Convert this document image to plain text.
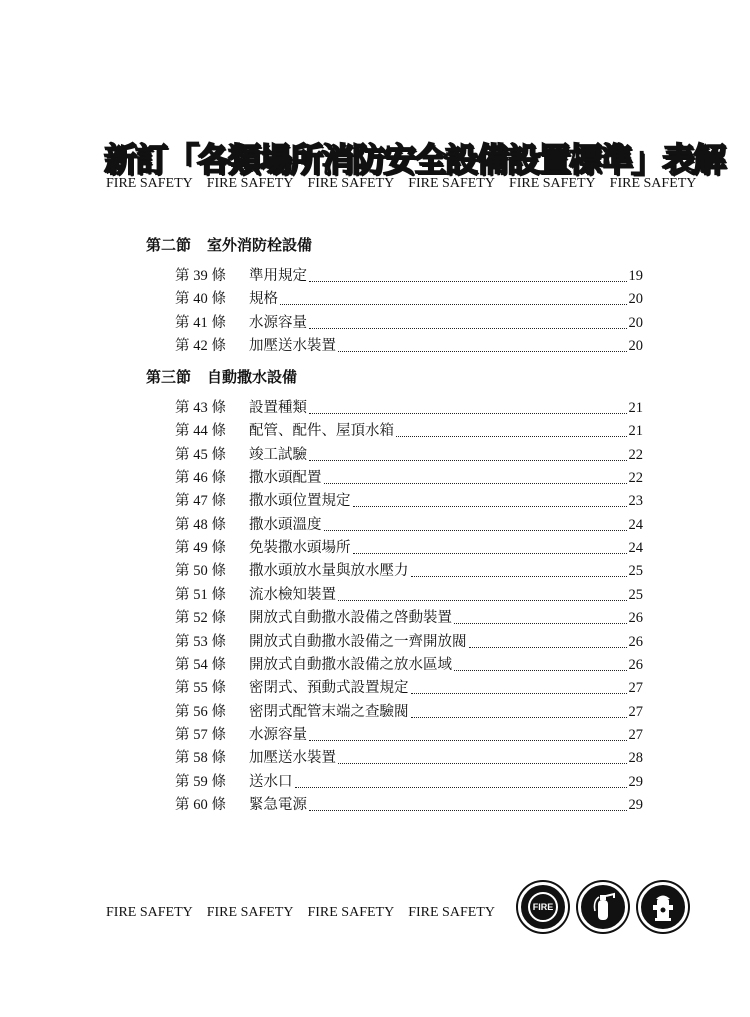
新訂「各類場所消防安全設備設置標準」表解
FIRE SAFETY FIRE SAFETY FIRE SAFETY FIRE SAFETY FIRE SAFETY FIRE SAFETY
第二節 室外消防栓設備
第 39 條	準用規定	19
第 40 條	規格	20
第 41 條	水源容量	20
第 42 條	加壓送水裝置	20
第三節 自動撒水設備
第 43 條	設置種類	21
第 44 條	配管、配件、屋頂水箱	21
第 45 條	竣工試驗	22
第 46 條	撒水頭配置	22
第 47 條	撒水頭位置規定	23
第 48 條	撒水頭溫度	24
第 49 條	免裝撒水頭場所	24
第 50 條	撒水頭放水量與放水壓力	25
第 51 條	流水檢知裝置	25
第 52 條	開放式自動撒水設備之啓動裝置	26
第 53 條	開放式自動撒水設備之一齊開放閥	26
第 54 條	開放式自動撒水設備之放水區域	26
第 55 條	密閉式、預動式設置規定	27
第 56 條	密閉式配管末端之查驗閥	27
第 57 條	水源容量	27
第 58 條	加壓送水裝置	28
第 59 條	送水口	29
第 60 條	緊急電源	29
FIRE SAFETY FIRE SAFETY FIRE SAFETY FIRE SAFETY	FIRE
